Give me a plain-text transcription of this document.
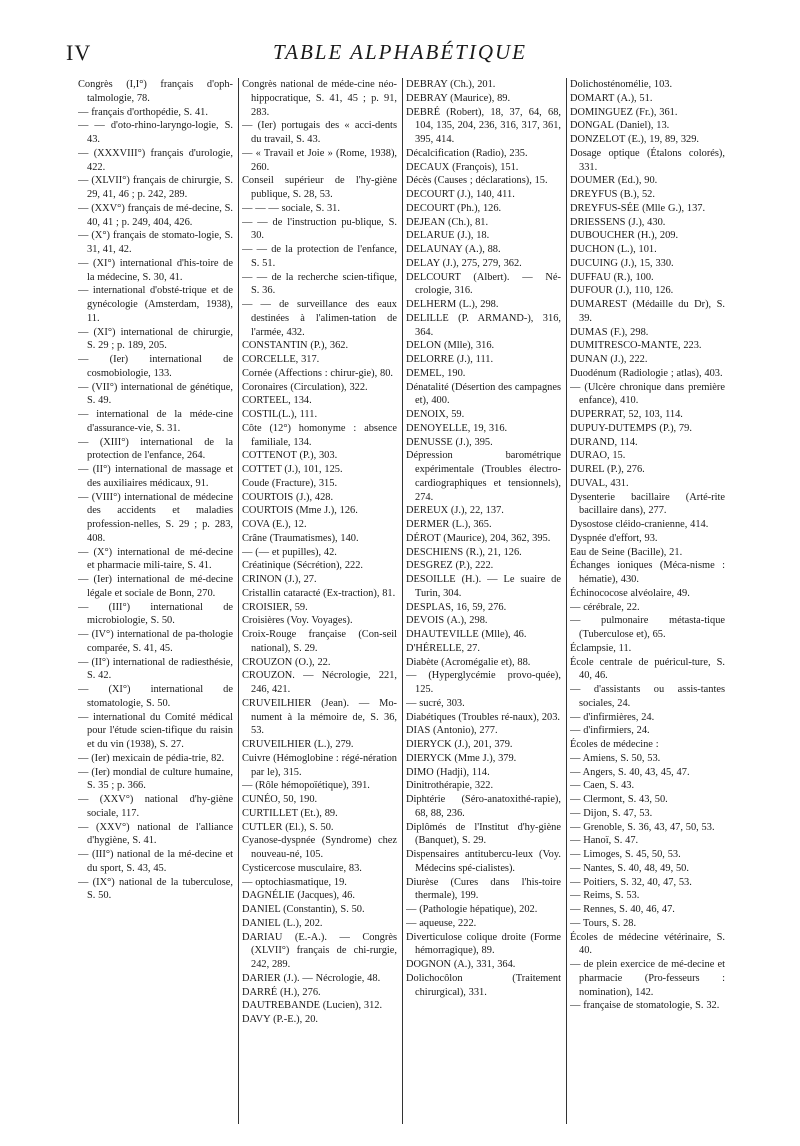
IV	TABLE ALPHABÉTIQUE
Congrès (I,I°) français d'oph-talmologie, 78.
— français d'orthopédie, S. 41.
— — d'oto-rhino-laryngo-logie, S. 43.
— (XXXVIII°) français d'urologie, 422.
— (XLVII°) français de chirurgie, S. 29, 41, 46 ; p. 242, 289.
— (XXV°) français de mé-decine, S. 40, 41 ; p. 249, 404, 426.
— (X°) français de stomato-logie, S. 31, 41, 42.
— (XI°) international d'his-toire de la médecine, S. 30, 41.
— international d'obsté-trique et de gynécologie (Amsterdam, 1938), 11.
— (XI°) international de chirurgie, S. 29 ; p. 189, 205.
— (Ier) international de cosmobiologie, 133.
— (VII°) international de génétique, S. 49.
— international de la méde-cine d'assurance-vie, S. 31.
— (XIII°) international de la protection de l'enfance, 264.
— (II°) international de massage et des auxiliaires médicaux, 91.
— (VIII°) international de médecine des accidents et maladies profession-nelles, S. 29 ; p. 283, 408.
— (X°) international de mé-decine et pharmacie mili-taire, S. 41.
— (Ier) international de mé-decine légale et sociale de Bonn, 270.
— (III°) international de microbiologie, S. 50.
— (IV°) international de pa-thologie comparée, S. 41, 45.
— (II°) international de radiesthésie, S. 42.
— (XI°) international de stomatologie, S. 50.
— international du Comité médical pour l'étude scien-tifique du raisin et du vin (1938), S. 27.
— (Ier) mexicain de pédia-trie, 82.
— (Ier) mondial de culture humaine, S. 35 ; p. 366.
— (XXV°) national d'hy-giène sociale, 117.
— (XXV°) national de l'alliance d'hygiène, S. 41.
— (III°) national de la mé-decine et du sport, S. 43, 45.
— (IX°) national de la tuberculose, S. 50.
Congrès national de méde-cine néo-hippocratique, S. 41, 45 ; p. 91, 283.
— (Ier) portugais des « acci-dents du travail, S. 43.
— « Travail et Joie » (Rome, 1938), 260.
Conseil supérieur de l'hy-giène publique, S. 28, 53.
— — — sociale, S. 31.
— — de l'instruction pu-blique, S. 30.
— — de la protection de l'enfance, S. 51.
— — de la recherche scien-tifique, S. 36.
— — de surveillance des eaux destinées à l'alimen-tation de l'armée, 432.
CONSTANTIN (P.), 362.
CORCELLE, 317.
Cornée (Affections : chirur-gie), 80.
Coronaires (Circulation), 322.
CORTEEL, 134.
COSTIL(L.), 111.
Côte (12°) homonyme : absence familiale, 134.
COTTENOT (P.), 303.
COTTET (J.), 101, 125.
Coude (Fracture), 315.
COURTOIS (J.), 428.
COURTOIS (Mme J.), 126.
COVA (E.), 12.
Crâne (Traumatismes), 140.
— (— et pupilles), 42.
Créatinique (Sécrétion), 222.
CRINON (J.), 27.
Cristallin cataracté (Ex-traction), 81.
CROISIER, 59.
Croisières (Voy. Voyages).
Croix-Rouge française (Con-seil national), S. 29.
CROUZON (O.), 22.
CROUZON. — Nécrologie, 221, 246, 421.
CRUVEILHIER (Jean). — Mo-nument à la mémoire de, S. 36, 53.
CRUVEILHIER (L.), 279.
Cuivre (Hémoglobine : régé-nération par le), 315.
— (Rôle hémopoïétique), 391.
CUNÉO, 50, 190.
CURTILLET (Et.), 89.
CUTLER (El.), S. 50.
Cyanose-dyspnée (Syndrome) chez nouveau-né, 105.
Cysticercose musculaire, 83.
— optochiasmatique, 19.
DAGNÉLIE (Jacques), 46.
DANIEL (Constantin), S. 50.
DANIEL (L.), 202.
DARIAU (E.-A.). — Congrès (XLVII°) français de chi-rurgie, 242, 289.
DARIER (J.). — Nécrologie, 48.
DARRÉ (H.), 276.
DAUTREBANDE (Lucien), 312.
DAVY (P.-E.), 20.
DEBRAY (Ch.), 201.
DEBRAY (Maurice), 89.
DEBRÉ (Robert), 18, 37, 64, 68, 104, 135, 204, 236, 316, 317, 361, 395, 414.
Décalcification (Radio), 235.
DECAUX (François), 151.
Décès (Causes ; déclarations), 15.
DECOURT (J.), 140, 411.
DECOURT (Ph.), 126.
DEJEAN (Ch.), 81.
DELARUE (J.), 18.
DELAUNAY (A.), 88.
DELAY (J.), 275, 279, 362.
DELCOURT (Albert). — Né-crologie, 316.
DELHERM (L.), 298.
DELILLE (P. ARMAND-), 316, 364.
DELON (Mlle), 316.
DELORRE (J.), 111.
DEMEL, 190.
Dénatalité (Désertion des campagnes et), 400.
DENOIX, 59.
DENOYELLE, 19, 316.
DENUSSE (J.), 395.
Dépression barométrique expérimentale (Troubles électro-cardiographiques et tensionnels), 274.
DEREUX (J.), 22, 137.
DERMER (L.), 365.
DÉROT (Maurice), 204, 362, 395.
DESCHIENS (R.), 21, 126.
DESGREZ (P.), 222.
DESOILLE (H.). — Le suaire de Turin, 304.
DESPLAS, 16, 59, 276.
DEVOIS (A.), 298.
DHAUTEVILLE (Mlle), 46.
D'HÉRELLE, 27.
Diabète (Acromégalie et), 88.
— (Hyperglycémie provo-quée), 125.
— sucré, 303.
Diabétiques (Troubles ré-naux), 203.
DIAS (Antonio), 277.
DIERYCK (J.), 201, 379.
DIERYCK (Mme J.), 379.
DIMO (Hadji), 114.
Dinitrothérapie, 322.
Diphtérie (Séro-anatoxithé-rapie), 68, 88, 236.
Diplômés de l'Institut d'hy-giène (Banquet), S. 29.
Dispensaires antitubercu-leux (Voy. Médecins spé-cialistes).
Diurèse (Cures dans l'his-toire thermale), 199.
— (Pathologie hépatique), 202.
— aqueuse, 222.
Diverticulose colique droite (Forme hémorragique), 89.
DOGNON (A.), 331, 364.
Dolichocôlon (Traitement chirurgical), 331.
Dolichosténomélie, 103.
DOMART (A.), 51.
DOMINGUEZ (Fr.), 361.
DONGAL (Daniel), 13.
DONZELOT (E.), 19, 89, 329.
Dosage optique (Étalons colorés), 331.
DOUMER (Ed.), 90.
DREYFUS (B.), 52.
DREYFUS-SÉE (Mlle G.), 137.
DRIESSENS (J.), 430.
DUBOUCHER (H.), 209.
DUCHON (L.), 101.
DUCUING (J.), 15, 330.
DUFFAU (R.), 100.
DUFOUR (J.), 110, 126.
DUMAREST (Médaille du Dr), S. 39.
DUMAS (F.), 298.
DUMITRESCO-MANTE, 223.
DUNAN (J.), 222.
Duodénum (Radiologie ; atlas), 403.
— (Ulcère chronique dans première enfance), 410.
DUPERRAT, 52, 103, 114.
DUPUY-DUTEMPS (P.), 79.
DURAND, 114.
DURAO, 15.
DUREL (P.), 276.
DUVAL, 431.
Dysenterie bacillaire (Arté-rite bacillaire dans), 277.
Dysostose cléido-cranienne, 414.
Dyspnée d'effort, 93.
Eau de Seine (Bacille), 21.
Échanges ioniques (Méca-nisme : hématie), 430.
Échinococose alvéolaire, 49.
— cérébrale, 22.
— pulmonaire métasta-tique (Tuberculose et), 65.
Éclampsie, 11.
École centrale de puéricul-ture, S. 40, 46.
— d'assistants ou assis-tantes sociales, 24.
— d'infirmières, 24.
— d'infirmiers, 24.
Écoles de médecine :
— Amiens, S. 50, 53.
— Angers, S. 40, 43, 45, 47.
— Caen, S. 43.
— Clermont, S. 43, 50.
— Dijon, S. 47, 53.
— Grenoble, S. 36, 43, 47, 50, 53.
— Hanoï, S. 47.
— Limoges, S. 45, 50, 53.
— Nantes, S. 40, 48, 49, 50.
— Poitiers, S. 32, 40, 47, 53.
— Reims, S. 53.
— Rennes, S. 40, 46, 47.
— Tours, S. 28.
Écoles de médecine vétérinaire, S. 40.
— de plein exercice de mé-decine et pharmacie (Pro-fesseurs : nomination), 142.
— française de stomatologie, S. 32.
